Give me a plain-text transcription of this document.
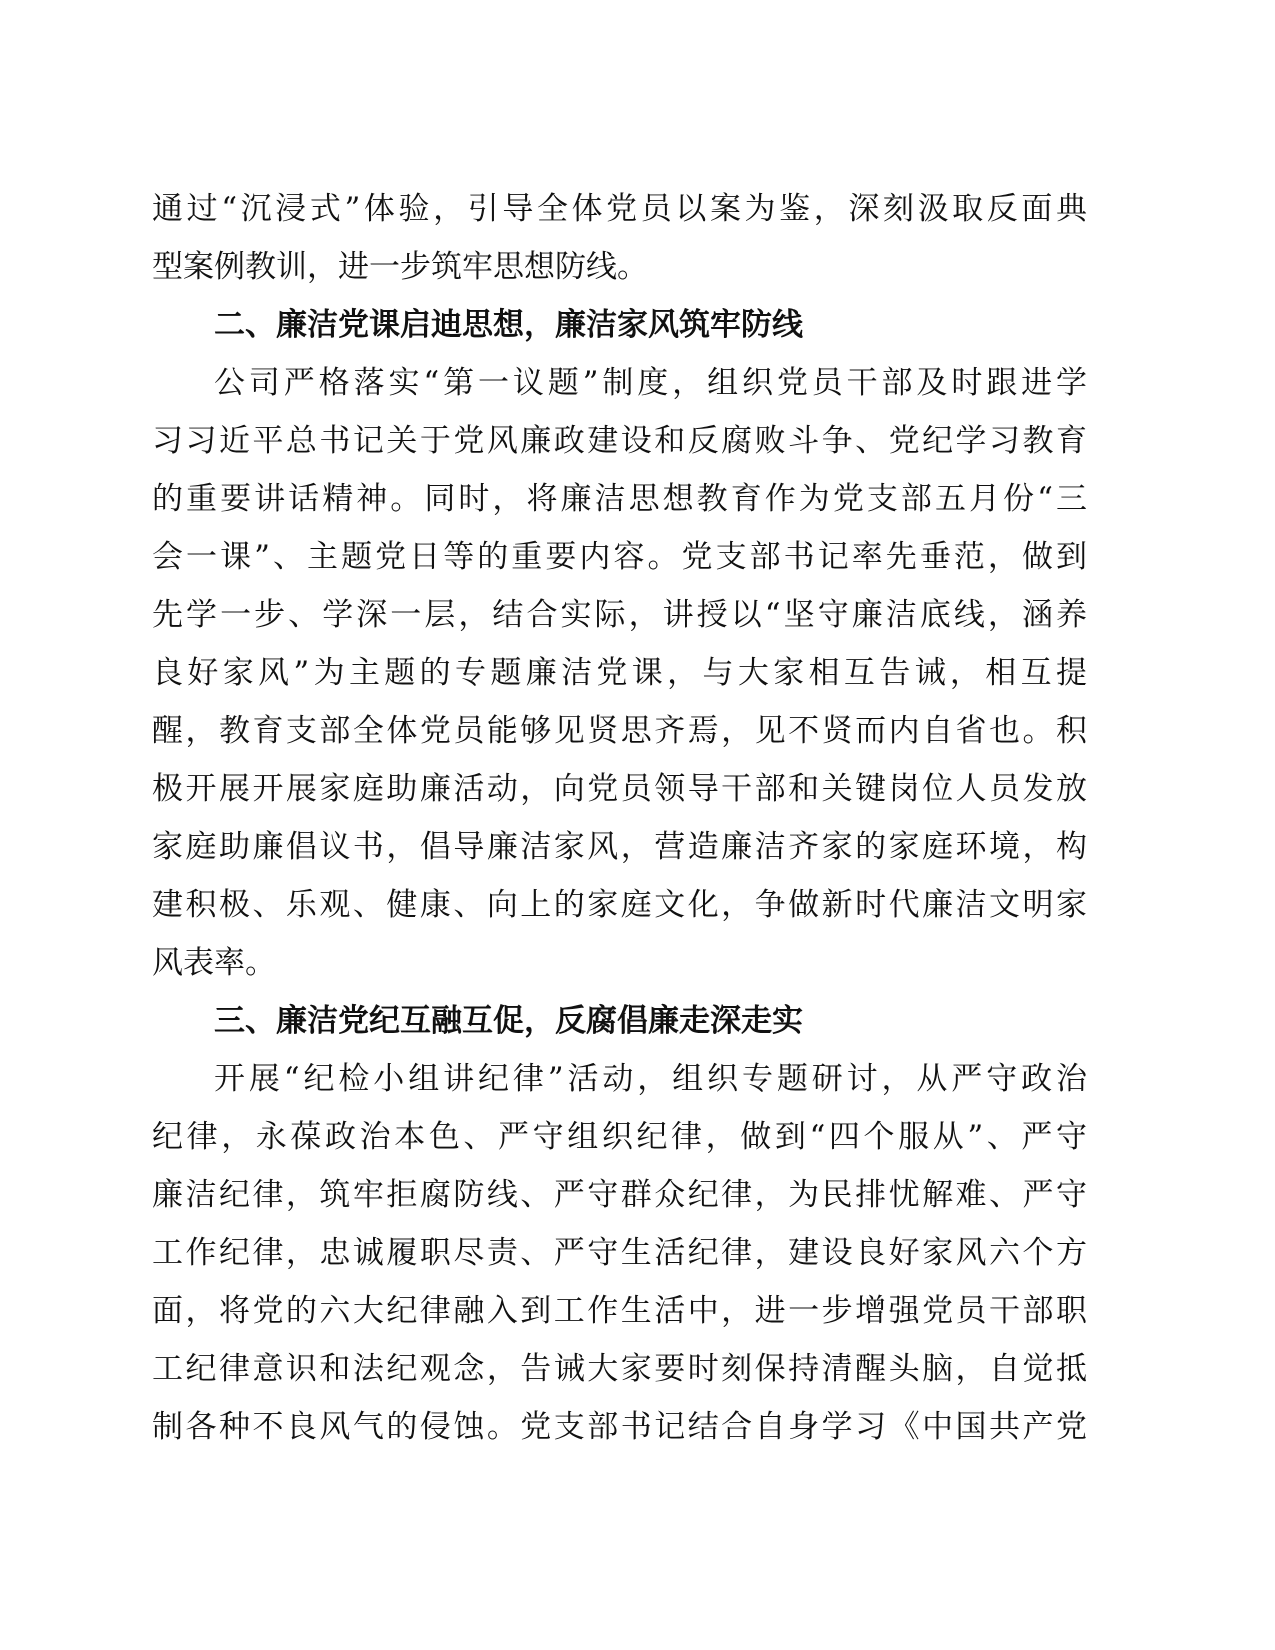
通过“沉浸式”体验，引导全体党员以案为鉴，深刻汲取反面典
型案例教训，进一步筑牢思想防线。
二、廉洁党课启迪思想，廉洁家风筑牢防线
公司严格落实“第一议题”制度，组织党员干部及时跟进学
习习近平总书记关于党风廉政建设和反腐败斗争、党纪学习教育
的重要讲话精神。同时，将廉洁思想教育作为党支部五月份“三
会一课”、主题党日等的重要内容。党支部书记率先垂范，做到
先学一步、学深一层，结合实际，讲授以“坚守廉洁底线，涵养
良好家风”为主题的专题廉洁党课，与大家相互告诫，相互提
醒，教育支部全体党员能够见贤思齐焉，见不贤而内自省也。积
极开展开展家庭助廉活动，向党员领导干部和关键岗位人员发放
家庭助廉倡议书，倡导廉洁家风，营造廉洁齐家的家庭环境，构
建积极、乐观、健康、向上的家庭文化，争做新时代廉洁文明家
风表率。
三、廉洁党纪互融互促，反腐倡廉走深走实
开展“纪检小组讲纪律”活动，组织专题研讨，从严守政治
纪律，永葆政治本色、严守组织纪律，做到“四个服从”、严守
廉洁纪律，筑牢拒腐防线、严守群众纪律，为民排忧解难、严守
工作纪律，忠诚履职尽责、严守生活纪律，建设良好家风六个方
面，将党的六大纪律融入到工作生活中，进一步增强党员干部职
工纪律意识和法纪观念，告诫大家要时刻保持清醒头脑，自觉抵
制各种不良风气的侵蚀。党支部书记结合自身学习《中国共产党
